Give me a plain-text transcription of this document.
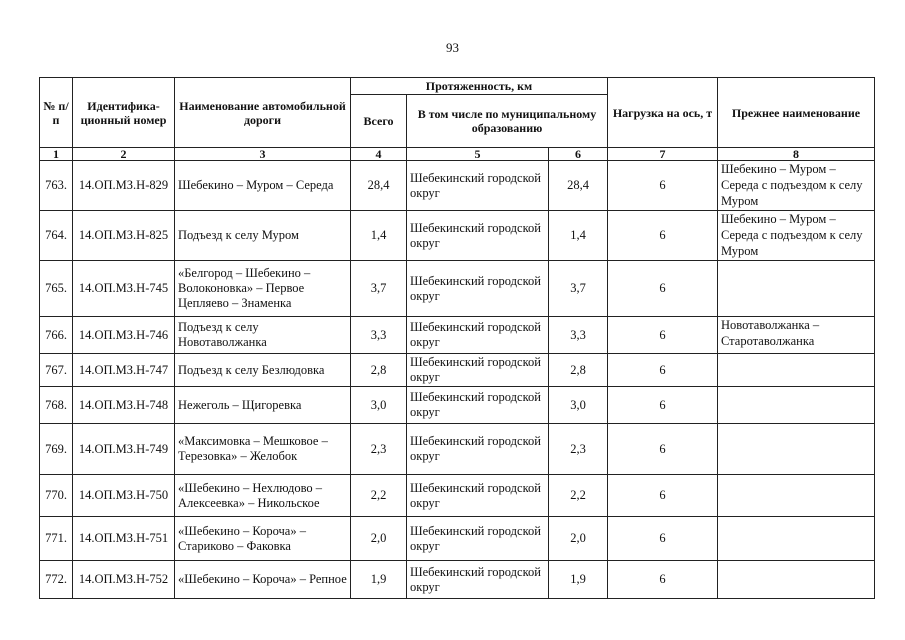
93
№ п/п	Идентифика-ционный номер	Наименование автомобильной дороги	Протяженность, км			Нагрузка на ось, т	Прежнее наименование
			Всего	В том числе по муниципальному образованию			
1	2	3	4	5	6	7	8
763.	14.ОП.МЗ.Н-829	Шебекино – Муром – Середа	28,4	Шебекинский городской округ	28,4	6	Шебекино – Муром – Середа с подъездом к селу Муром
764.	14.ОП.МЗ.Н-825	Подъезд к селу Муром	1,4	Шебекинский городской округ	1,4	6	Шебекино – Муром – Середа с подъездом к селу Муром
765.	14.ОП.МЗ.Н-745	«Белгород – Шебекино – Волоконовка» – Первое Цепляево – Знаменка	3,7	Шебекинский городской округ	3,7	6	
766.	14.ОП.МЗ.Н-746	Подъезд к селу Новотаволжанка	3,3	Шебекинский городской округ	3,3	6	Новотаволжанка – Старотаволжанка
767.	14.ОП.МЗ.Н-747	Подъезд к селу Безлюдовка	2,8	Шебекинский городской округ	2,8	6	
768.	14.ОП.МЗ.Н-748	Нежеголь – Щигоревка	3,0	Шебекинский городской округ	3,0	6	
769.	14.ОП.МЗ.Н-749	«Максимовка – Мешковое – Терезовка» – Желобок	2,3	Шебекинский городской округ	2,3	6	
770.	14.ОП.МЗ.Н-750	«Шебекино – Нехлюдово – Алексеевка» – Никольское	2,2	Шебекинский городской округ	2,2	6	
771.	14.ОП.МЗ.Н-751	«Шебекино – Короча» – Стариково – Факовка	2,0	Шебекинский городской округ	2,0	6	
772.	14.ОП.МЗ.Н-752	«Шебекино – Короча» – Репное	1,9	Шебекинский городской округ	1,9	6	
